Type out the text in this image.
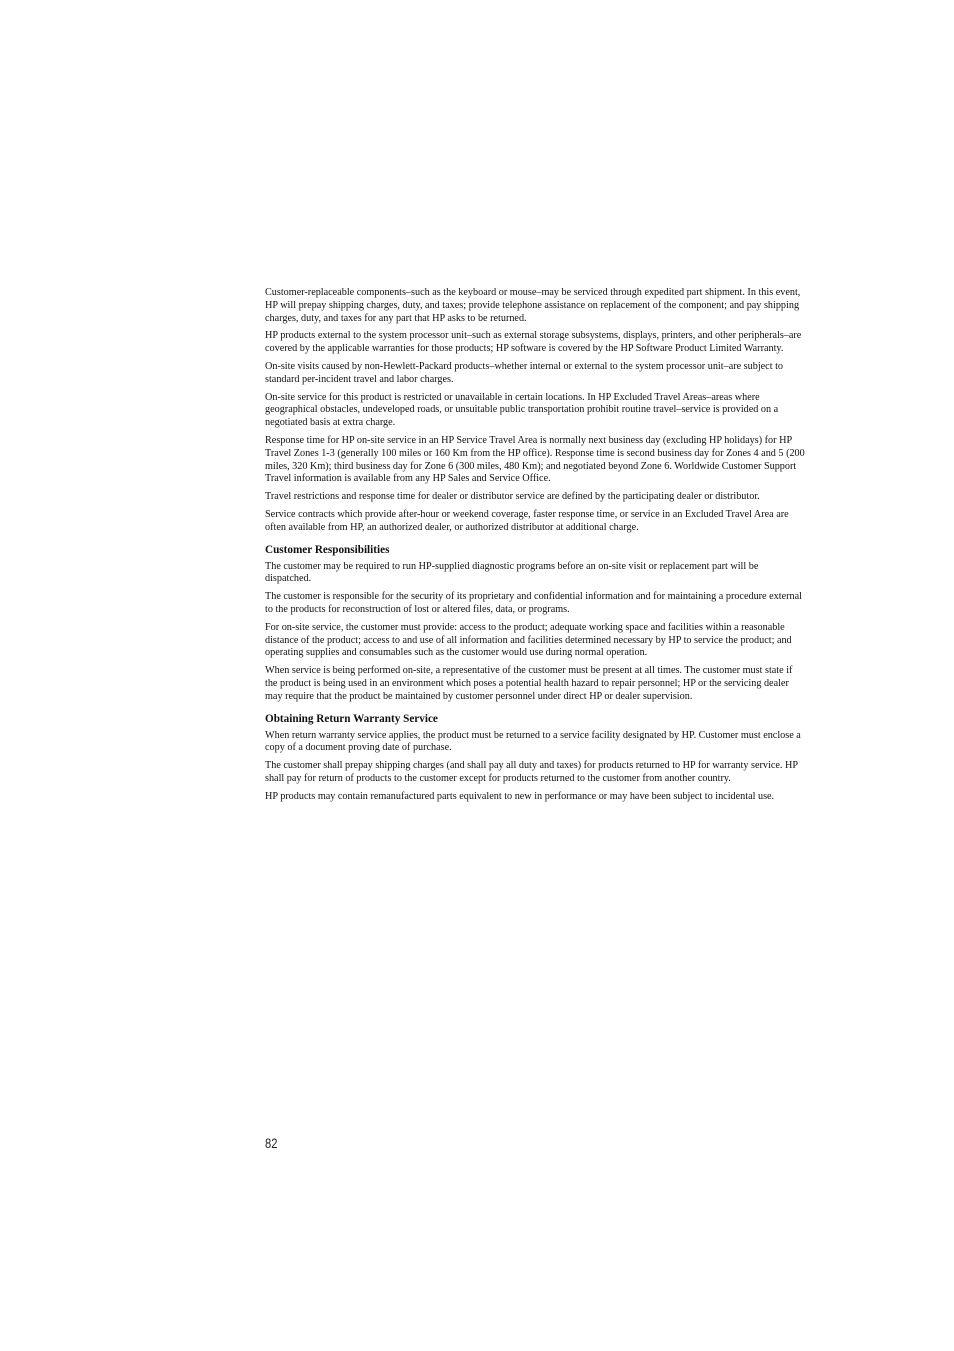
Customer-replaceable components–such as the keyboard or mouse–may be serviced through expedited part shipment. In this event, HP will prepay shipping charges, duty, and taxes; provide telephone assistance on replacement of the component; and pay shipping charges, duty, and taxes for any part that HP asks to be returned.

HP products external to the system processor unit–such as external storage subsystems, displays, printers, and other peripherals–are covered by the applicable warranties for those products; HP software is covered by the HP Software Product Limited Warranty.

On-site visits caused by non-Hewlett-Packard products–whether internal or external to the system processor unit–are subject to standard per-incident travel and labor charges.

On-site service for this product is restricted or unavailable in certain locations. In HP Excluded Travel Areas–areas where geographical obstacles, undeveloped roads, or unsuitable public transportation prohibit routine travel–service is provided on a negotiated basis at extra charge.

Response time for HP on-site service in an HP Service Travel Area is normally next business day (excluding HP holidays) for HP Travel Zones 1-3 (generally 100 miles or 160 Km from the HP office). Response time is second business day for Zones 4 and 5 (200 miles, 320 Km); third business day for Zone 6 (300 miles, 480 Km); and negotiated beyond Zone 6. Worldwide Customer Support Travel information is available from any HP Sales and Service Office.

Travel restrictions and response time for dealer or distributor service are defined by the participating dealer or distributor.

Service contracts which provide after-hour or weekend coverage, faster response time, or service in an Excluded Travel Area are often available from HP, an authorized dealer, or authorized distributor at additional charge.

Customer Responsibilities

The customer may be required to run HP-supplied diagnostic programs before an on-site visit or replacement part will be dispatched.

The customer is responsible for the security of its proprietary and confidential information and for maintaining a procedure external to the products for reconstruction of lost or altered files, data, or programs.

For on-site service, the customer must provide: access to the product; adequate working space and facilities within a reasonable distance of the product; access to and use of all information and facilities determined necessary by HP to service the product; and operating supplies and consumables such as the customer would use during normal operation.

When service is being performed on-site, a representative of the customer must be present at all times. The customer must state if the product is being used in an environment which poses a potential health hazard to repair personnel; HP or the servicing dealer may require that the product be maintained by customer personnel under direct HP or dealer supervision.

Obtaining Return Warranty Service

When return warranty service applies, the product must be returned to a service facility designated by HP. Customer must enclose a copy of a document proving date of purchase.

The customer shall prepay shipping charges (and shall pay all duty and taxes) for products returned to HP for warranty service. HP shall pay for return of products to the customer except for products returned to the customer from another country.

HP products may contain remanufactured parts equivalent to new in performance or may have been subject to incidental use.

82
